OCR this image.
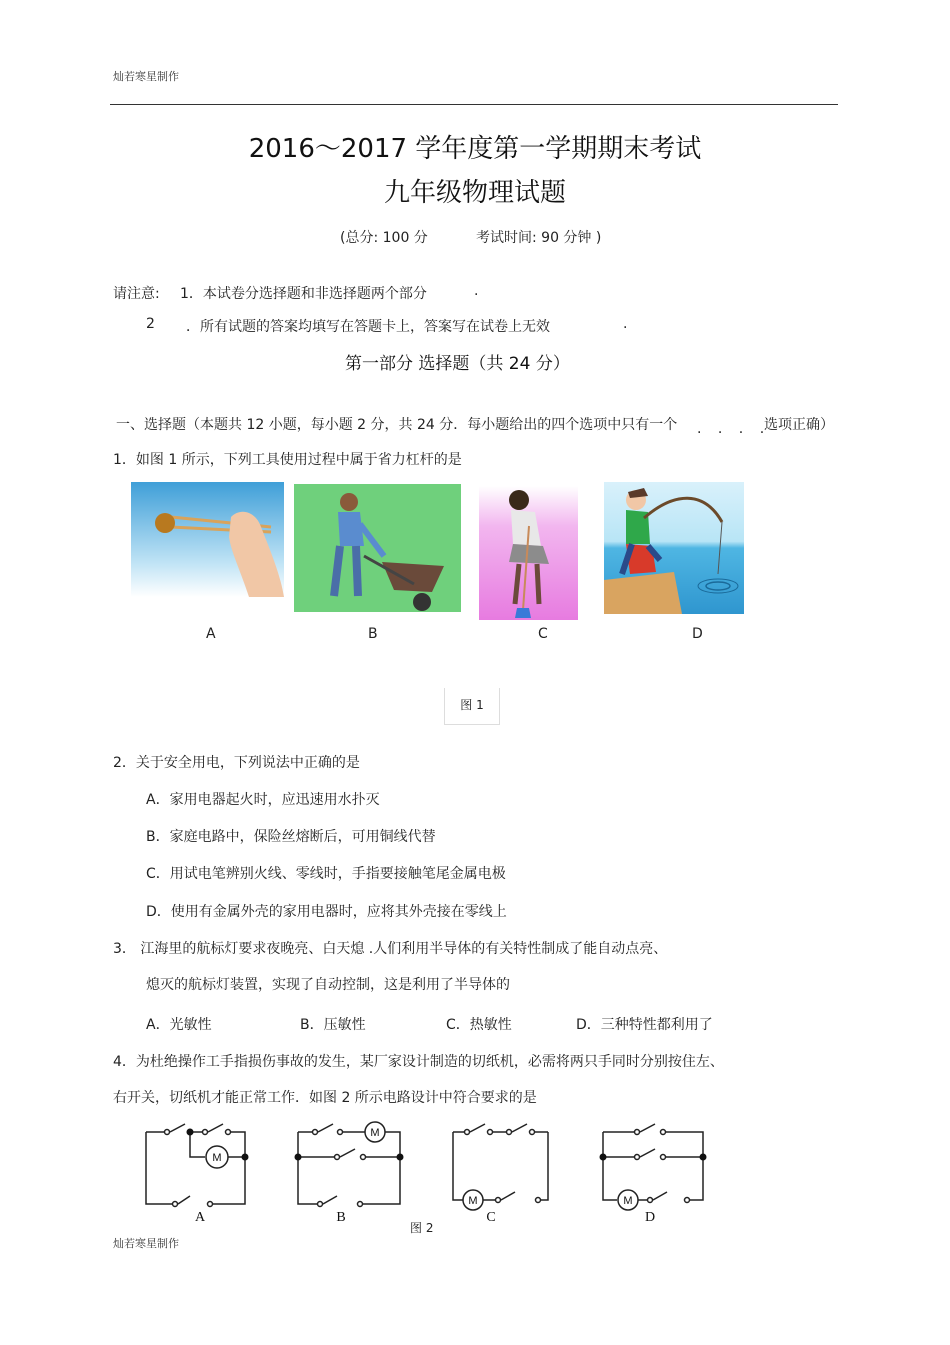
灿若寒星制作
2016～2017 学年度第一学期期末考试
九年级物理试题
(总分: 100 分	考试时间: 90 分钟 )
请注意: 1．本试卷分选择题和非选择题两个部分	.
2 ．所有试题的答案均填写在答题卡上，答案写在试卷上无效	.
第一部分 选择题（共 24 分）
一、选择题（本题共 12 小题，每小题 2 分，共 24 分．每小题给出的四个选项中只有一个	选项正确）
. . . .
1．如图 1 所示，下列工具使用过程中属于省力杠杆的是
A	B	C	D
图 1
2．关于安全用电，下列说法中正确的是
A．家用电器起火时，应迅速用水扑灭
B．家庭电路中，保险丝熔断后，可用铜线代替
C．用试电笔辨别火线、零线时，手指要接触笔尾金属电极
D．使用有金属外壳的家用电器时，应将其外壳接在零线上
3． 江海里的航标灯要求夜晚亮、白天熄 .人们利用半导体的有关特性制成了能自动点亮、
熄灭的航标灯装置，实现了自动控制，这是利用了半导体的
A．光敏性	B．压敏性	C．热敏性	D．三种特性都利用了
4．为杜绝操作工手指损伤事故的发生，某厂家设计制造的切纸机，必需将两只手同时分别按住左、
右开关，切纸机才能正常工作．如图 2 所示电路设计中符合要求的是
M
M
M	M
A	B	C	D
图 2
灿若寒星制作
